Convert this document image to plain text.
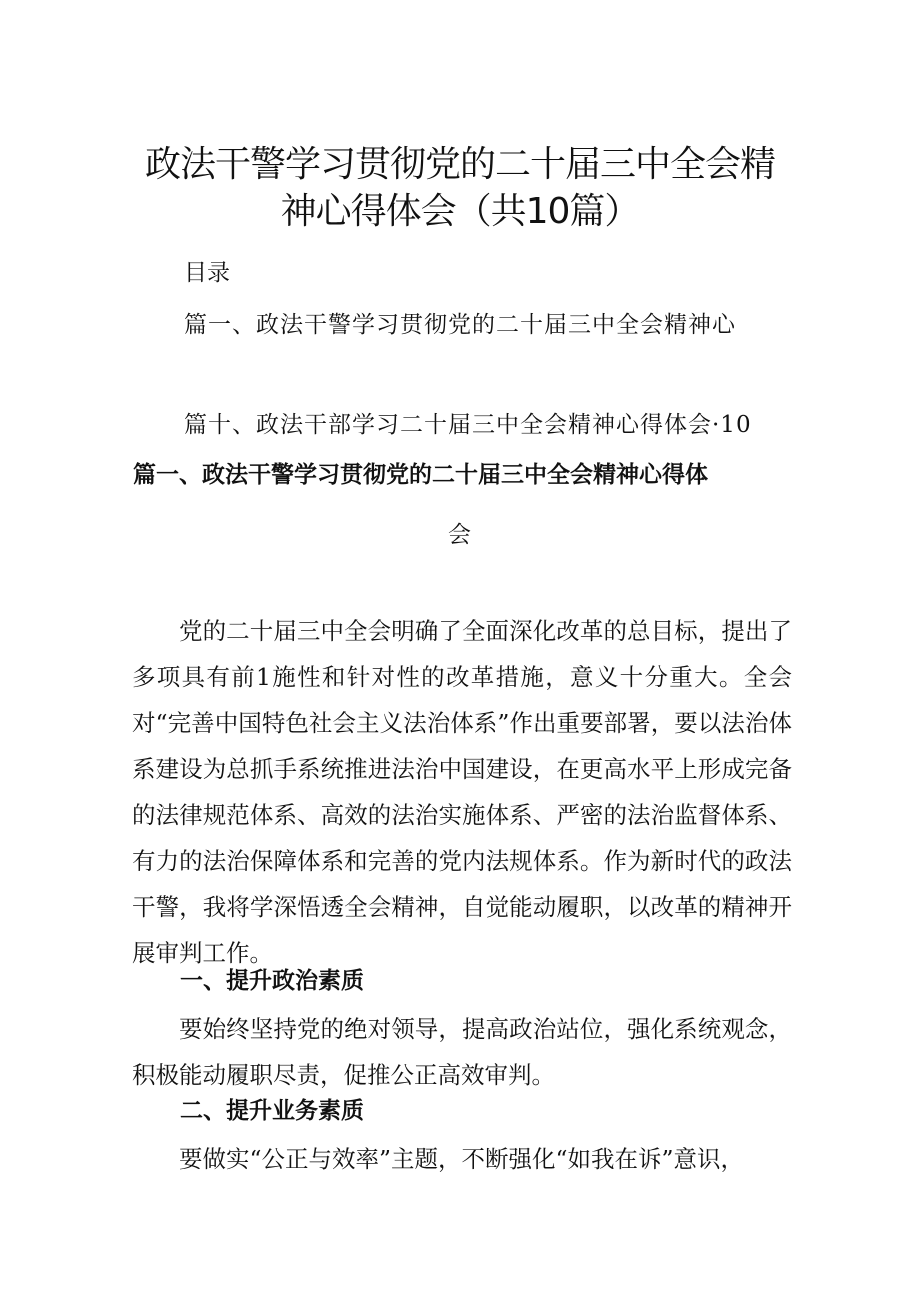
政法干警学习贯彻党的二十届三中全会精
神心得体会（共10篇）
目录
篇一、政法干警学习贯彻党的二十届三中全会精神心
篇十、政法干部学习二十届三中全会精神心得体会·10
篇一、政法干警学习贯彻党的二十届三中全会精神心得体
会
党的二十届三中全会明确了全面深化改革的总目标，提出了多项具有前1施性和针对性的改革措施，意义十分重大。全会对“完善中国特色社会主义法治体系”作出重要部署，要以法治体系建设为总抓手系统推进法治中国建设，在更高水平上形成完备的法律规范体系、高效的法治实施体系、严密的法治监督体系、有力的法治保障体系和完善的党内法规体系。作为新时代的政法干警，我将学深悟透全会精神，自觉能动履职，以改革的精神开展审判工作。
一、提升政治素质
要始终坚持党的绝对领导，提高政治站位，强化系统观念，积极能动履职尽责，促推公正高效审判。
二、提升业务素质
要做实“公正与效率”主题，不断强化“如我在诉”意识，
